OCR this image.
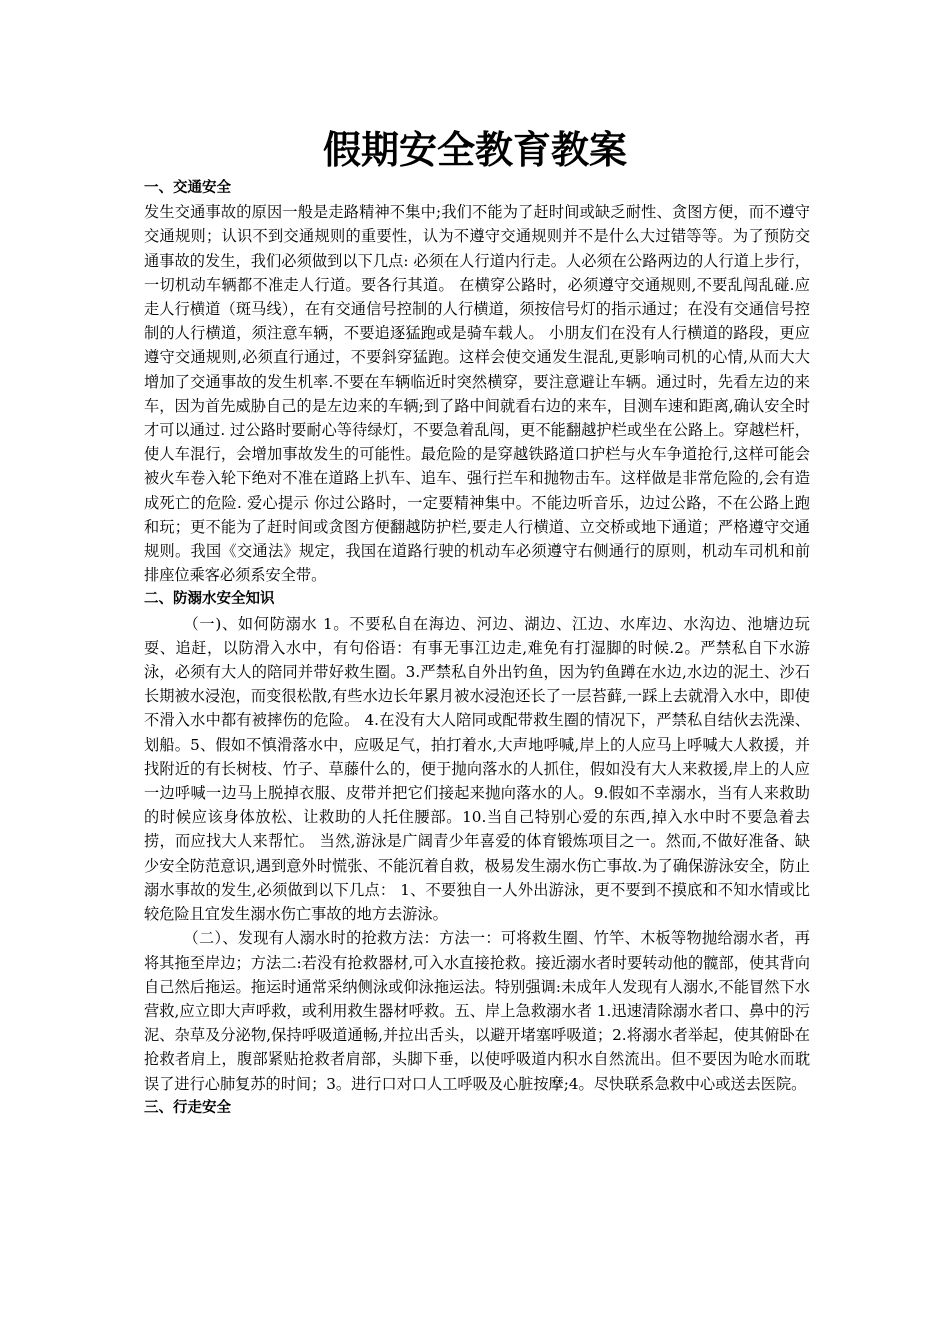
假期安全教育教案

一、交通安全

发生交通事故的原因一般是走路精神不集中;我们不能为了赶时间或缺乏耐性、贪图方便，而不遵守交通规则；认识不到交通规则的重要性，认为不遵守交通规则并不是什么大过错等等。为了预防交通事故的发生，我们必须做到以下几点: 必须在人行道内行走。人必须在公路两边的人行道上步行，一切机动车辆都不准走人行道。要各行其道。 在横穿公路时，必须遵守交通规则,不要乱闯乱碰.应走人行横道（斑马线），在有交通信号控制的人行横道，须按信号灯的指示通过；在没有交通信号控制的人行横道，须注意车辆，不要追逐猛跑或是骑车载人。 小朋友们在没有人行横道的路段，更应遵守交通规则,必须直行通过，不要斜穿猛跑。这样会使交通发生混乱,更影响司机的心情,从而大大增加了交通事故的发生机率.不要在车辆临近时突然横穿，要注意避让车辆。通过时，先看左边的来车，因为首先威胁自己的是左边来的车辆;到了路中间就看右边的来车，目测车速和距离,确认安全时才可以通过. 过公路时要耐心等待绿灯，不要急着乱闯，更不能翻越护栏或坐在公路上。穿越栏杆，使人车混行，会增加事故发生的可能性。最危险的是穿越铁路道口护栏与火车争道抢行,这样可能会被火车卷入轮下绝对不准在道路上扒车、追车、强行拦车和抛物击车。这样做是非常危险的,会有造成死亡的危险. 爱心提示 你过公路时，一定要精神集中。不能边听音乐，边过公路，不在公路上跑和玩；更不能为了赶时间或贪图方便翻越防护栏,要走人行横道、立交桥或地下通道；严格遵守交通规则。我国《交通法》规定，我国在道路行驶的机动车必须遵守右侧通行的原则，机动车司机和前排座位乘客必须系安全带。

二、防溺水安全知识

（一)、如何防溺水 1。不要私自在海边、河边、湖边、江边、水库边、水沟边、池塘边玩耍、追赶，以防滑入水中，有句俗语：有事无事江边走,难免有打湿脚的时候.2。严禁私自下水游泳，必须有大人的陪同并带好救生圈。3.严禁私自外出钓鱼，因为钓鱼蹲在水边,水边的泥土、沙石长期被水浸泡，而变很松散,有些水边长年累月被水浸泡还长了一层苔藓,一踩上去就滑入水中，即使不滑入水中都有被摔伤的危险。 4.在没有大人陪同或配带救生圈的情况下，严禁私自结伙去洗澡、划船。5、假如不慎滑落水中，应吸足气，拍打着水,大声地呼喊,岸上的人应马上呼喊大人救援，并找附近的有长树枝、竹子、草藤什么的，便于抛向落水的人抓住，假如没有大人来救援,岸上的人应一边呼喊一边马上脱掉衣服、皮带并把它们接起来抛向落水的人。9.假如不幸溺水，当有人来救助的时候应该身体放松、让救助的人托住腰部。10.当自己特别心爱的东西,掉入水中时不要急着去捞，而应找大人来帮忙。 当然,游泳是广阔青少年喜爱的体育锻炼项目之一。然而,不做好准备、缺少安全防范意识,遇到意外时慌张、不能沉着自救，极易发生溺水伤亡事故.为了确保游泳安全，防止溺水事故的发生,必须做到以下几点： 1、不要独自一人外出游泳，更不要到不摸底和不知水情或比较危险且宜发生溺水伤亡事故的地方去游泳。

（二）、发现有人溺水时的抢救方法：方法一：可将救生圈、竹竿、木板等物抛给溺水者，再将其拖至岸边；方法二:若没有抢救器材,可入水直接抢救。接近溺水者时要转动他的髋部，使其背向自己然后拖运。拖运时通常采纳侧泳或仰泳拖运法。特别强调:未成年人发现有人溺水,不能冒然下水营救,应立即大声呼救，或利用救生器材呼救。五、岸上急救溺水者 1.迅速清除溺水者口、鼻中的污泥、杂草及分泌物,保持呼吸道通畅,并拉出舌头，以避开堵塞呼吸道；2.将溺水者举起，使其俯卧在抢救者肩上，腹部紧贴抢救者肩部，头脚下垂，以使呼吸道内积水自然流出。但不要因为呛水而耽误了进行心肺复苏的时间；3。进行口对口人工呼吸及心脏按摩;4。尽快联系急救中心或送去医院。

三、行走安全
